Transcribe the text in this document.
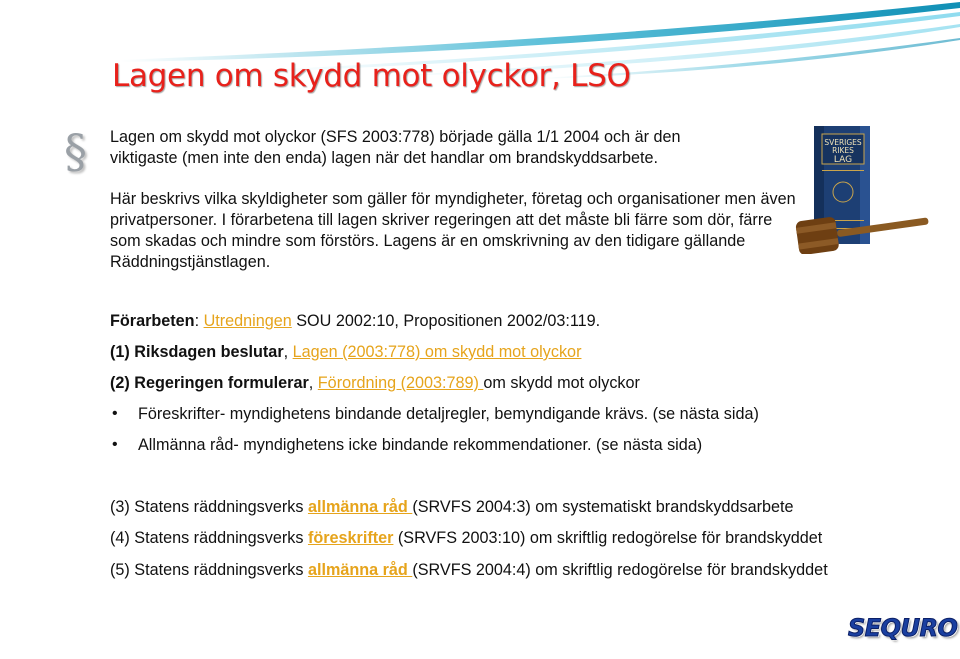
Lagen om skydd mot olyckor, LSO
§ Lagen om skydd mot olyckor (SFS 2003:778) började gälla 1/1 2004 och är den viktigaste (men inte den enda) lagen när det handlar om brandskyddsarbete.
Här beskrivs vilka skyldigheter som gäller för myndigheter, företag och organisationer men även privatpersoner. I förarbetena till lagen skriver regeringen att det måste bli färre som dör, färre som skadas och mindre som förstörs. Lagens är en omskrivning av den tidigare gällande Räddningstjänstlagen.
SVERIGES
RIKES
LAG
Förarbeten: Utredningen SOU 2002:10, Propositionen 2002/03:119.
(1) Riksdagen beslutar, Lagen (2003:778) om skydd mot olyckor
(2) Regeringen formulerar, Förordning (2003:789) om skydd mot olyckor
• Föreskrifter- myndighetens bindande detaljregler, bemyndigande krävs. (se nästa sida)
• Allmänna råd- myndighetens icke bindande rekommendationer. (se nästa sida)
(3) Statens räddningsverks allmänna råd (SRVFS 2004:3) om systematiskt brandskyddsarbete
(4) Statens räddningsverks föreskrifter (SRVFS 2003:10) om skriftlig redogörelse för brandskyddet
(5) Statens räddningsverks allmänna råd (SRVFS 2004:4) om skriftlig redogörelse för brandskyddet
SEQURO
